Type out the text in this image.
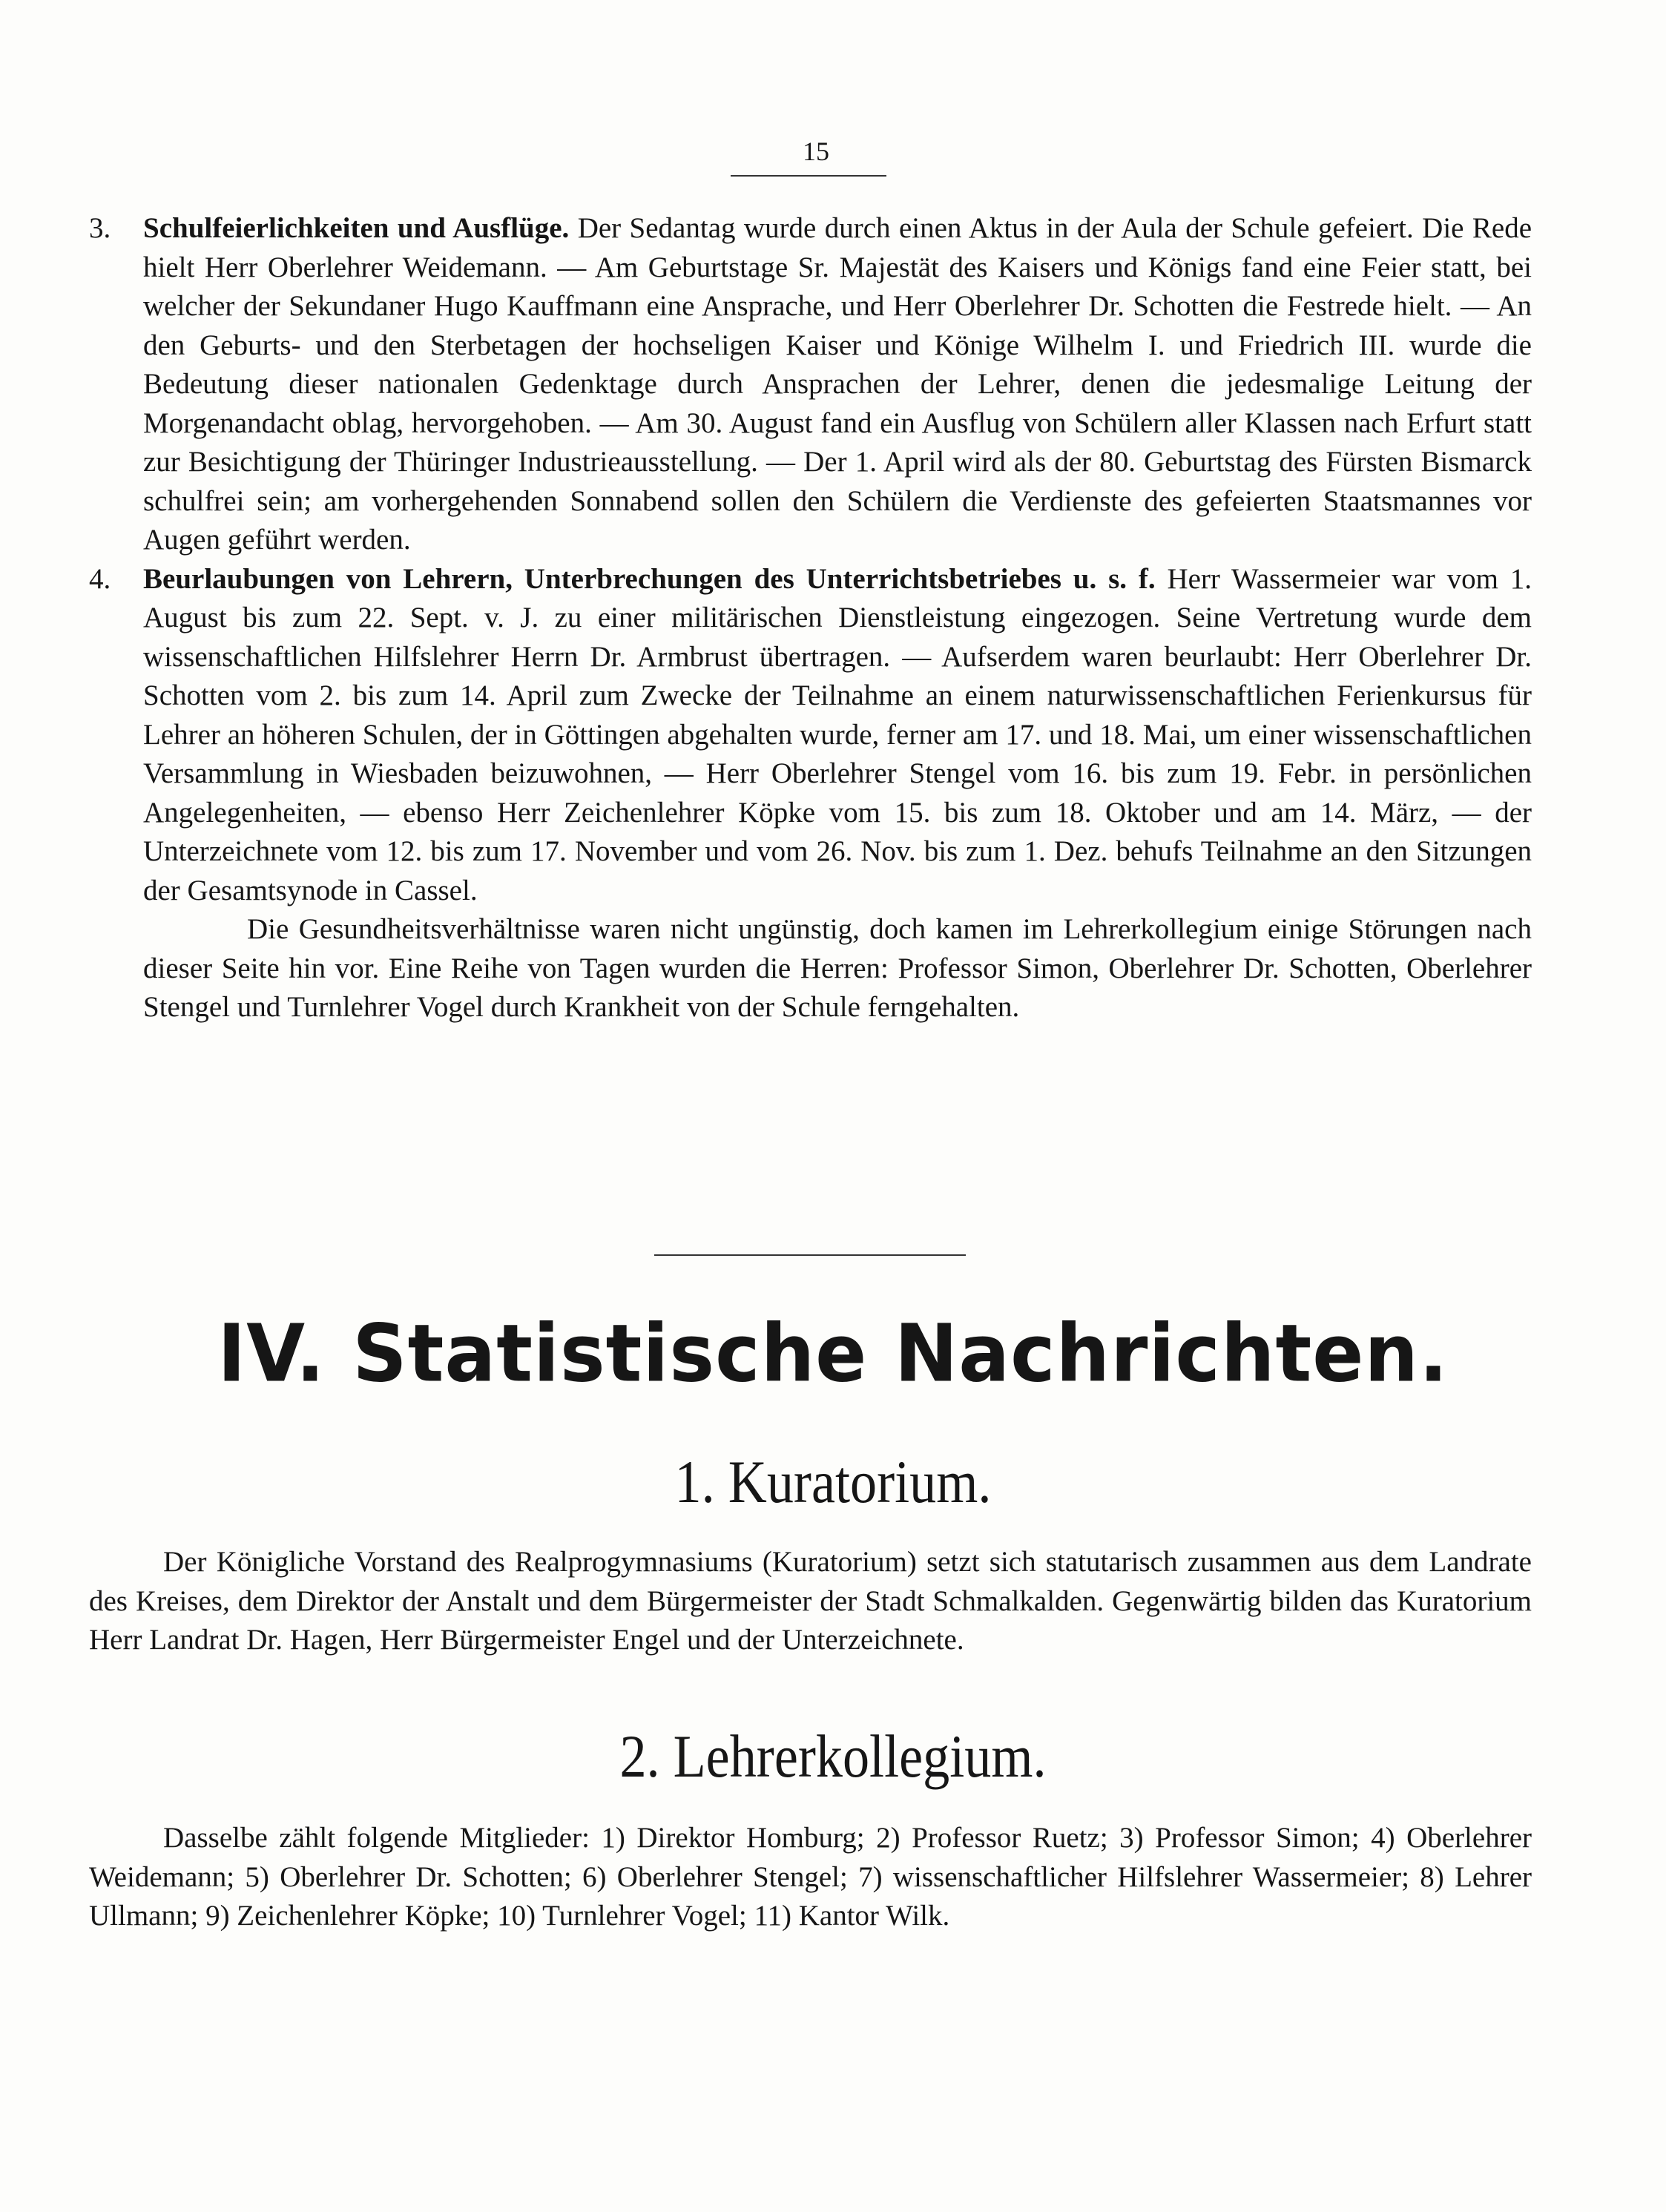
15
3. Schulfeierlichkeiten und Ausflüge. Der Sedantag wurde durch einen Aktus in der Aula der Schule gefeiert. Die Rede hielt Herr Oberlehrer Weidemann. — Am Geburtstage Sr. Majestät des Kaisers und Königs fand eine Feier statt, bei welcher der Sekundaner Hugo Kauffmann eine Ansprache, und Herr Oberlehrer Dr. Schotten die Festrede hielt. — An den Geburts- und den Sterbetagen der hochseligen Kaiser und Könige Wilhelm I. und Friedrich III. wurde die Bedeutung dieser nationalen Gedenktage durch Ansprachen der Lehrer, denen die jedesmalige Leitung der Morgenandacht oblag, hervorgehoben. — Am 30. August fand ein Ausflug von Schülern aller Klassen nach Erfurt statt zur Besichtigung der Thüringer Industrieausstellung. — Der 1. April wird als der 80. Geburtstag des Fürsten Bismarck schulfrei sein; am vorhergehenden Sonnabend sollen den Schülern die Verdienste des gefeierten Staatsmannes vor Augen geführt werden.
4. Beurlaubungen von Lehrern, Unterbrechungen des Unterrichtsbetriebes u. s. f. Herr Wassermeier war vom 1. August bis zum 22. Sept. v. J. zu einer militärischen Dienstleistung eingezogen. Seine Vertretung wurde dem wissenschaftlichen Hilfslehrer Herrn Dr. Armbrust übertragen. — Aufserdem waren beurlaubt: Herr Oberlehrer Dr. Schotten vom 2. bis zum 14. April zum Zwecke der Teilnahme an einem naturwissenschaftlichen Ferienkursus für Lehrer an höheren Schulen, der in Göttingen abgehalten wurde, ferner am 17. und 18. Mai, um einer wissenschaftlichen Versammlung in Wiesbaden beizuwohnen, — Herr Oberlehrer Stengel vom 16. bis zum 19. Febr. in persönlichen Angelegenheiten, — ebenso Herr Zeichenlehrer Köpke vom 15. bis zum 18. Oktober und am 14. März, — der Unterzeichnete vom 12. bis zum 17. November und vom 26. Nov. bis zum 1. Dez. behufs Teilnahme an den Sitzungen der Gesamtsynode in Cassel.
Die Gesundheitsverhältnisse waren nicht ungünstig, doch kamen im Lehrerkollegium einige Störungen nach dieser Seite hin vor. Eine Reihe von Tagen wurden die Herren: Professor Simon, Oberlehrer Dr. Schotten, Oberlehrer Stengel und Turnlehrer Vogel durch Krankheit von der Schule ferngehalten.
IV. Statistische Nachrichten.
1. Kuratorium.
Der Königliche Vorstand des Realprogymnasiums (Kuratorium) setzt sich statutarisch zusammen aus dem Landrate des Kreises, dem Direktor der Anstalt und dem Bürgermeister der Stadt Schmalkalden. Gegenwärtig bilden das Kuratorium Herr Landrat Dr. Hagen, Herr Bürgermeister Engel und der Unterzeichnete.
2. Lehrerkollegium.
Dasselbe zählt folgende Mitglieder: 1) Direktor Homburg; 2) Professor Ruetz; 3) Professor Simon; 4) Oberlehrer Weidemann; 5) Oberlehrer Dr. Schotten; 6) Oberlehrer Stengel; 7) wissenschaftlicher Hilfslehrer Wassermeier; 8) Lehrer Ullmann; 9) Zeichenlehrer Köpke; 10) Turnlehrer Vogel; 11) Kantor Wilk.
